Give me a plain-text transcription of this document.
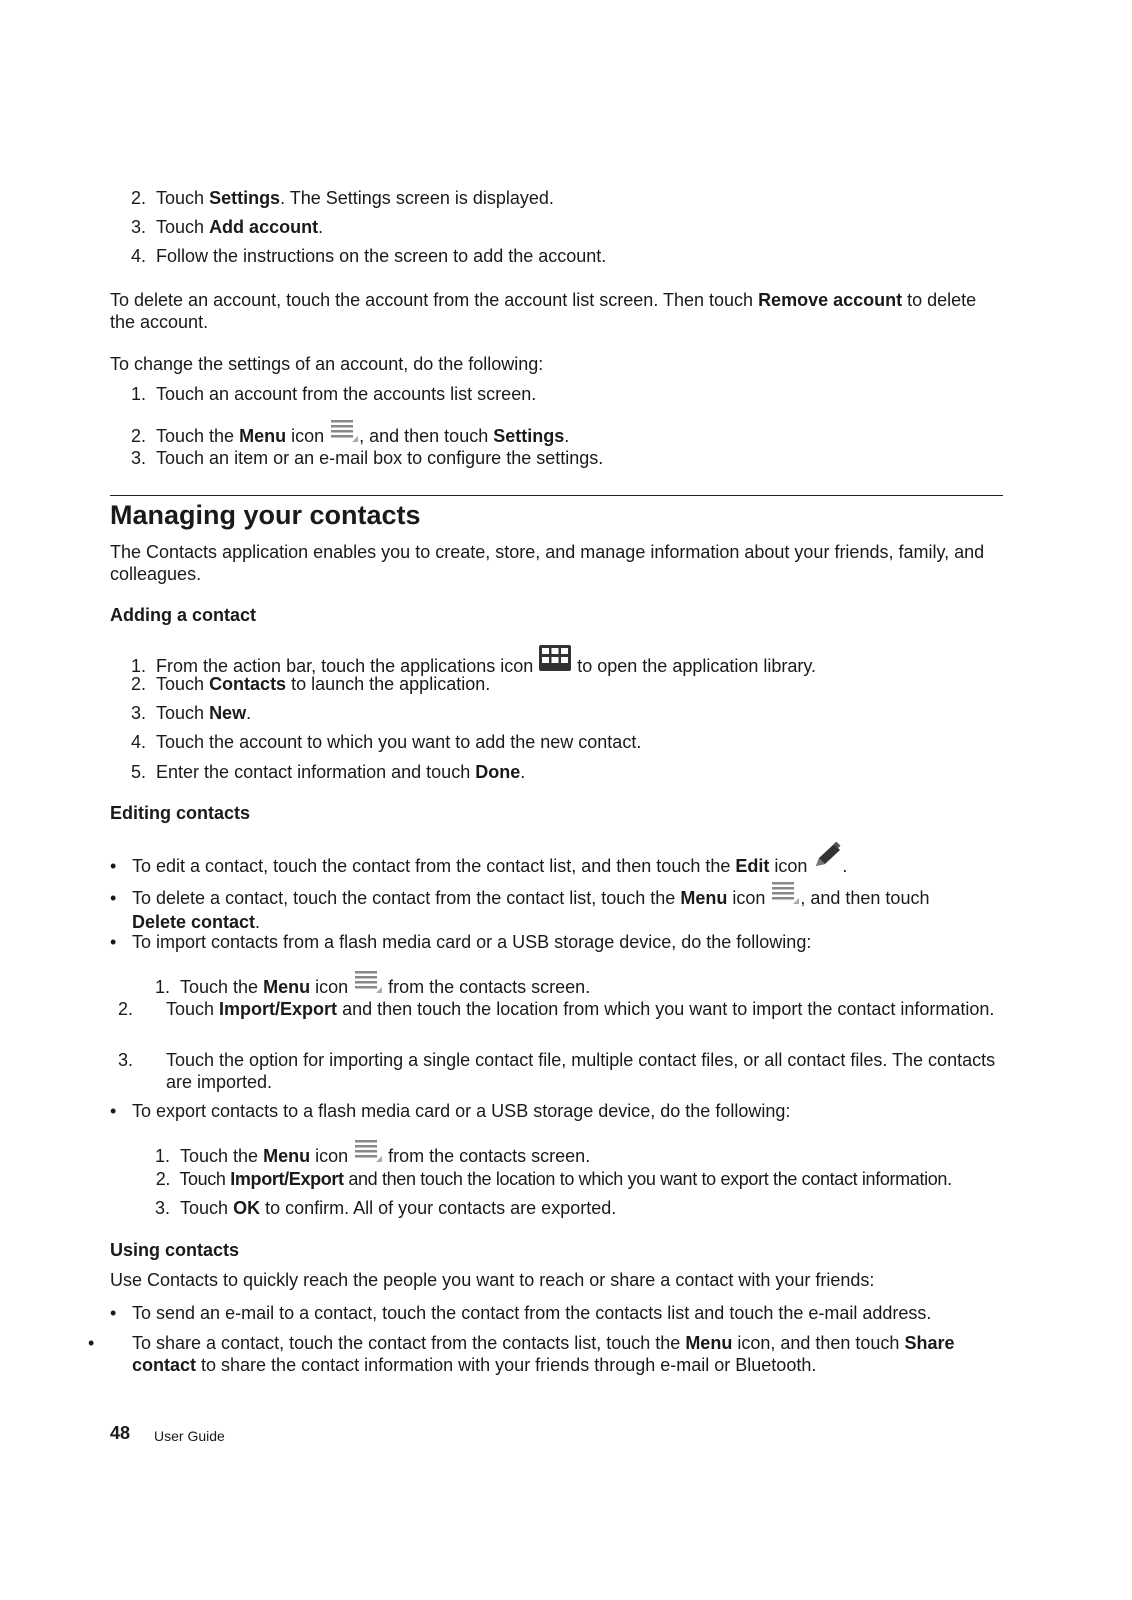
2. Touch Settings. The Settings screen is displayed.
3. Touch Add account.
4. Follow the instructions on the screen to add the account.
To delete an account, touch the account from the account list screen. Then touch Remove account to delete the account.
To change the settings of an account, do the following:
1. Touch an account from the accounts list screen.
2. Touch the Menu icon , and then touch Settings.
3. Touch an item or an e-mail box to configure the settings.
Managing your contacts
The Contacts application enables you to create, store, and manage information about your friends, family, and colleagues.
Adding a contact
1. From the action bar, touch the applications icon  to open the application library.
2. Touch Contacts to launch the application.
3. Touch New.
4. Touch the account to which you want to add the new contact.
5. Enter the contact information and touch Done.
Editing contacts
• To edit a contact, touch the contact from the contact list, and then touch the Edit icon .
• To delete a contact, touch the contact from the contact list, touch the Menu icon , and then touch
Delete contact.
• To import contacts from a flash media card or a USB storage device, do the following:
1. Touch the Menu icon  from the contacts screen.
2. Touch Import/Export and then touch the location from which you want to import the contact information.
3. Touch the option for importing a single contact file, multiple contact files, or all contact files. The contacts are imported.
• To export contacts to a flash media card or a USB storage device, do the following:
1. Touch the Menu icon  from the contacts screen.
2. Touch Import/Export and then touch the location to which you want to export the contact information.
3. Touch OK to confirm. All of your contacts are exported.
Using contacts
Use Contacts to quickly reach the people you want to reach or share a contact with your friends:
• To send an e-mail to a contact, touch the contact from the contacts list and touch the e-mail address.
• To share a contact, touch the contact from the contacts list, touch the Menu icon, and then touch Share contact to share the contact information with your friends through e-mail or Bluetooth.
48 User Guide
